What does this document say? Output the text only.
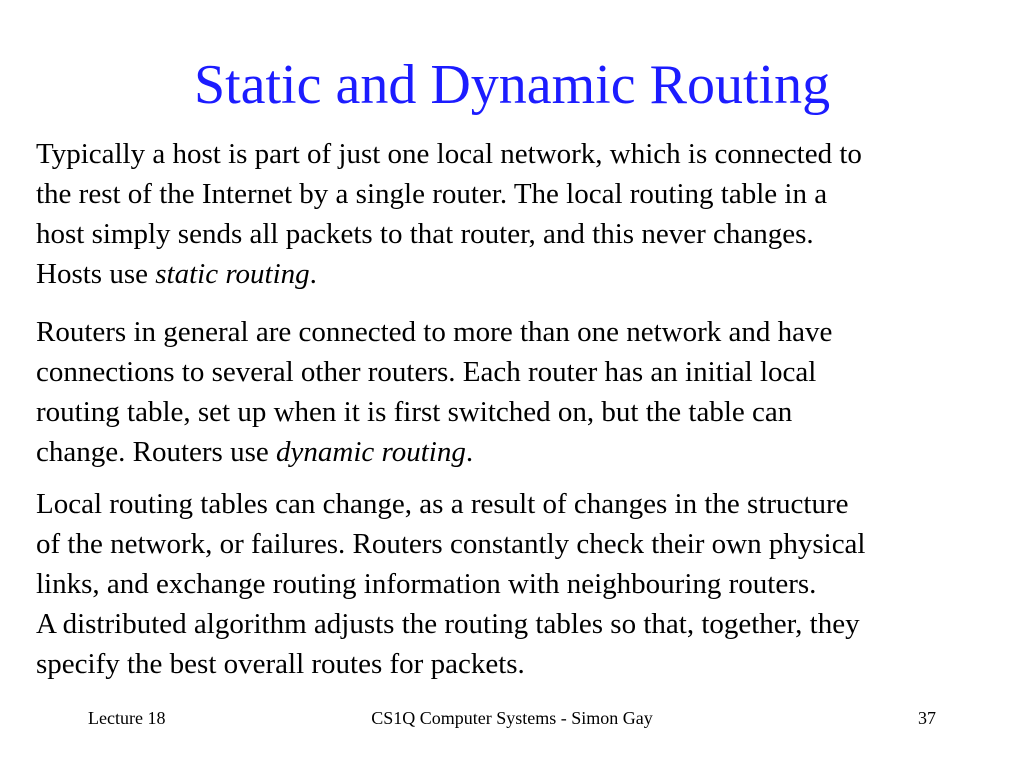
Static and Dynamic Routing

Typically a host is part of just one local network, which is connected to
the rest of the Internet by a single router. The local routing table in a
host simply sends all packets to that router, and this never changes.
Hosts use static routing.

Routers in general are connected to more than one network and have
connections to several other routers. Each router has an initial local
routing table, set up when it is first switched on, but the table can
change. Routers use dynamic routing.

Local routing tables can change, as a result of changes in the structure
of the network, or failures. Routers constantly check their own physical
links, and exchange routing information with neighbouring routers.
A distributed algorithm adjusts the routing tables so that, together, they
specify the best overall routes for packets.

Lecture 18	CS1Q Computer Systems - Simon Gay	37
